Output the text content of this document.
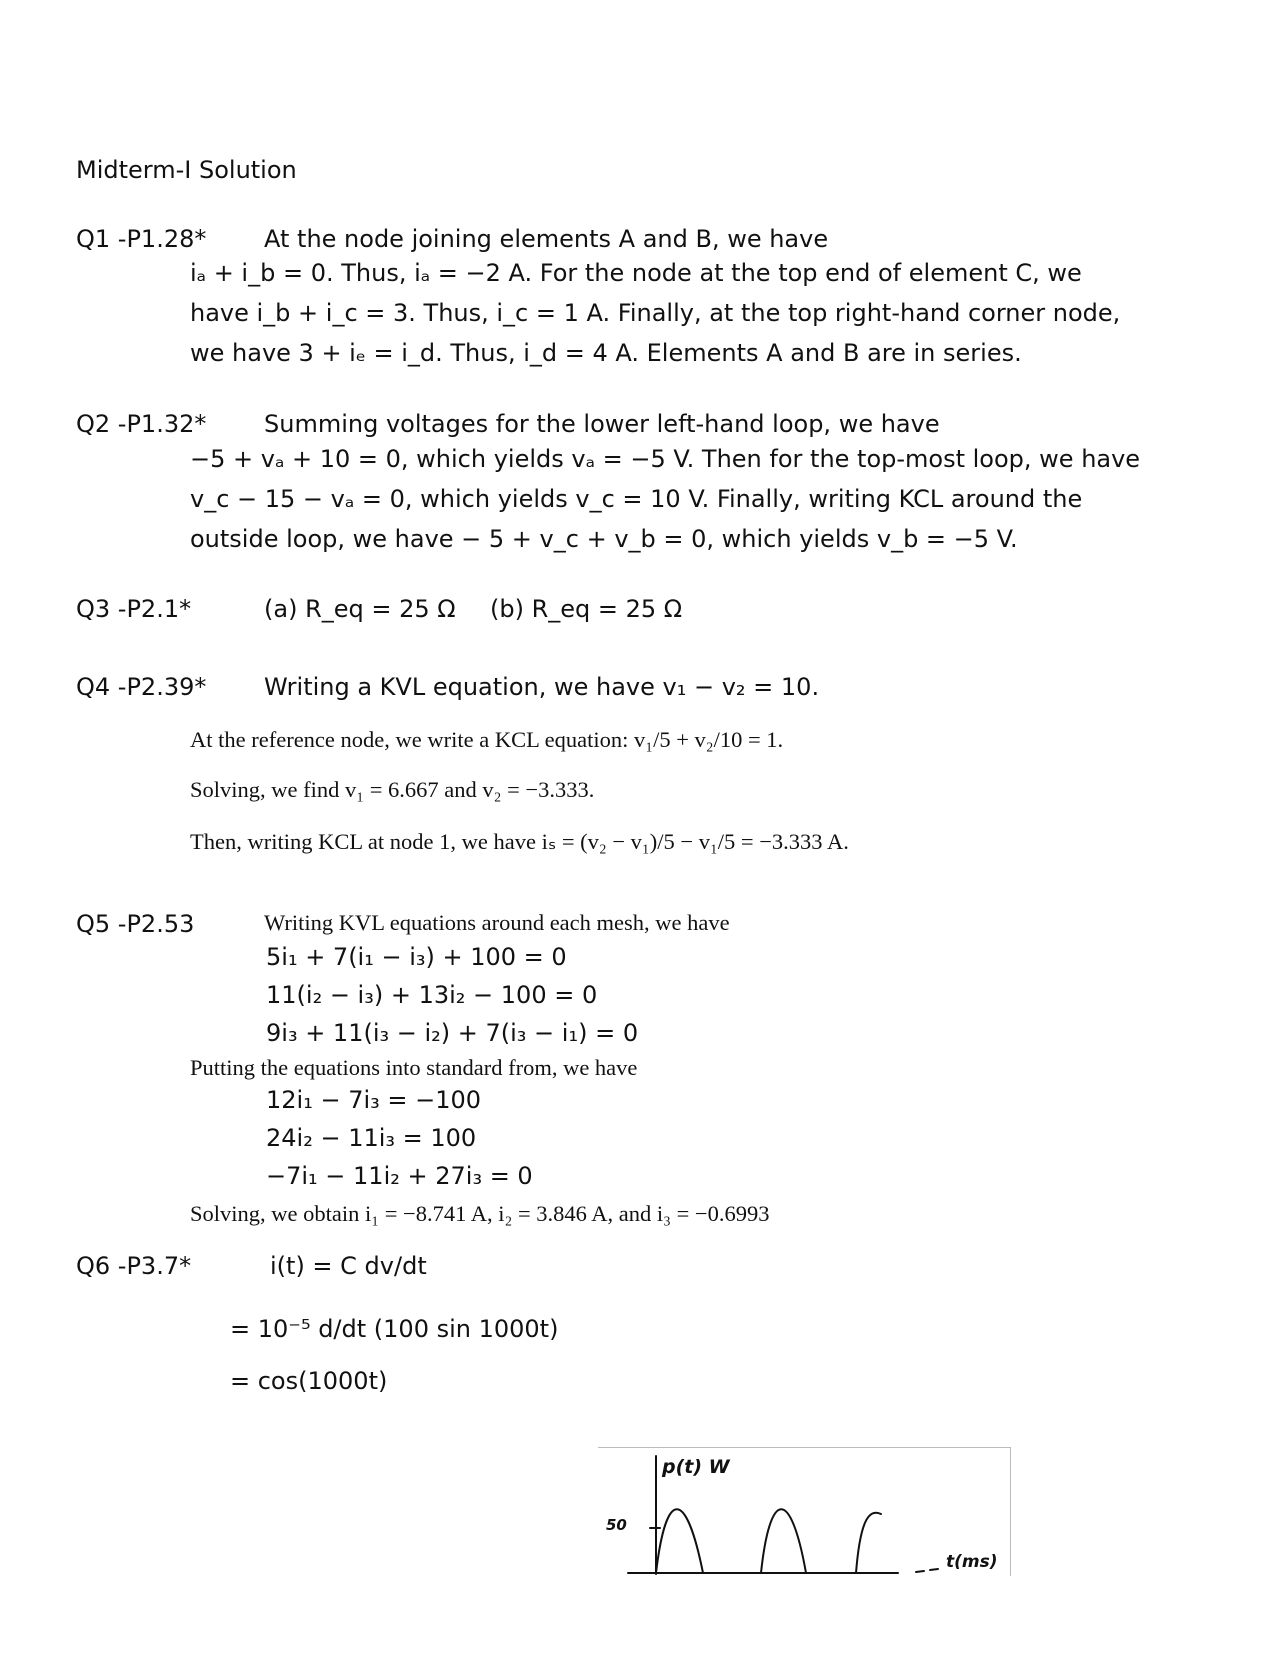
Midterm-I Solution
Q1 -P1.28* At the node joining elements A and B, we have
iₐ + i_b = 0. Thus, iₐ = −2 A. For the node at the top end of element C, we
have i_b + i_c = 3. Thus, i_c = 1 A. Finally, at the top right-hand corner node,
we have 3 + iₑ = i_d. Thus, i_d = 4 A. Elements A and B are in series.
Q2 -P1.32* Summing voltages for the lower left-hand loop, we have
−5 + vₐ + 10 = 0, which yields vₐ = −5 V. Then for the top-most loop, we have
v_c − 15 − vₐ = 0, which yields v_c = 10 V. Finally, writing KCL around the
outside loop, we have − 5 + v_c + v_b = 0, which yields v_b = −5 V.
Q3 -P2.1*	(a) R_eq = 25 Ω (b) R_eq = 25 Ω
Q4 -P2.39* Writing a KVL equation, we have v₁ − v₂ = 10.
At the reference node, we write a KCL equation: v₁/5 + v₂/10 = 1.
Solving, we find v₁ = 6.667 and v₂ = −3.333.
Then, writing KCL at node 1, we have iₛ = (v₂ − v₁)/5 − v₁/5 = −3.333 A.
Q5 -P2.53	Writing KVL equations around each mesh, we have
5i₁ + 7(i₁ − i₃) + 100 = 0
11(i₂ − i₃) + 13i₂ − 100 = 0
9i₃ + 11(i₃ − i₂) + 7(i₃ − i₁) = 0
Putting the equations into standard from, we have
12i₁ − 7i₃ = −100
24i₂ − 11i₃ = 100
−7i₁ − 11i₂ + 27i₃ = 0
Solving, we obtain i₁ = −8.741 A, i₂ = 3.846 A, and i₃ = −0.6993
Q6 -P3.7*	i(t) = C dv/dt
= 10⁻⁵ d/dt (100 sin 1000t)
= cos(1000t)
p(t) W
50
t(ms)
